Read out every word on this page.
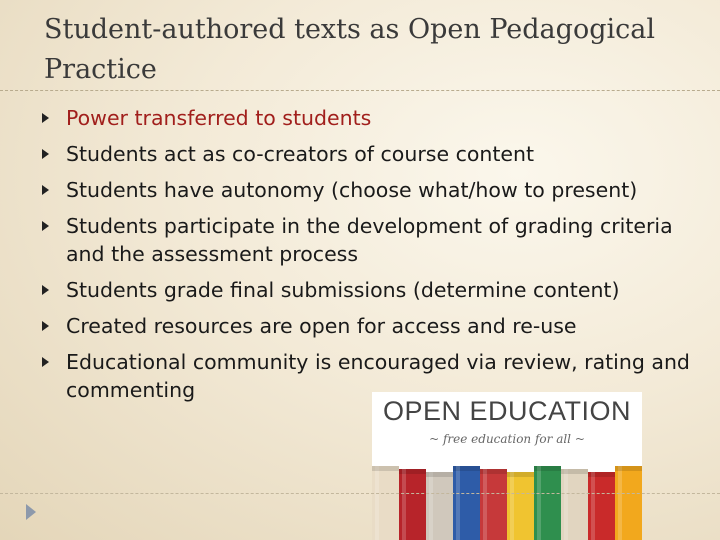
Student-authored texts as Open Pedagogical Practice
Power transferred to students
Students act as co-creators of course content
Students have autonomy (choose what/how to present)
Students participate in the development of grading criteria and the assessment process
Students grade final submissions (determine content)
Created resources are open for access and re-use
Educational community is encouraged via review, rating and commenting
OPEN EDUCATION
~ free education for all ~
